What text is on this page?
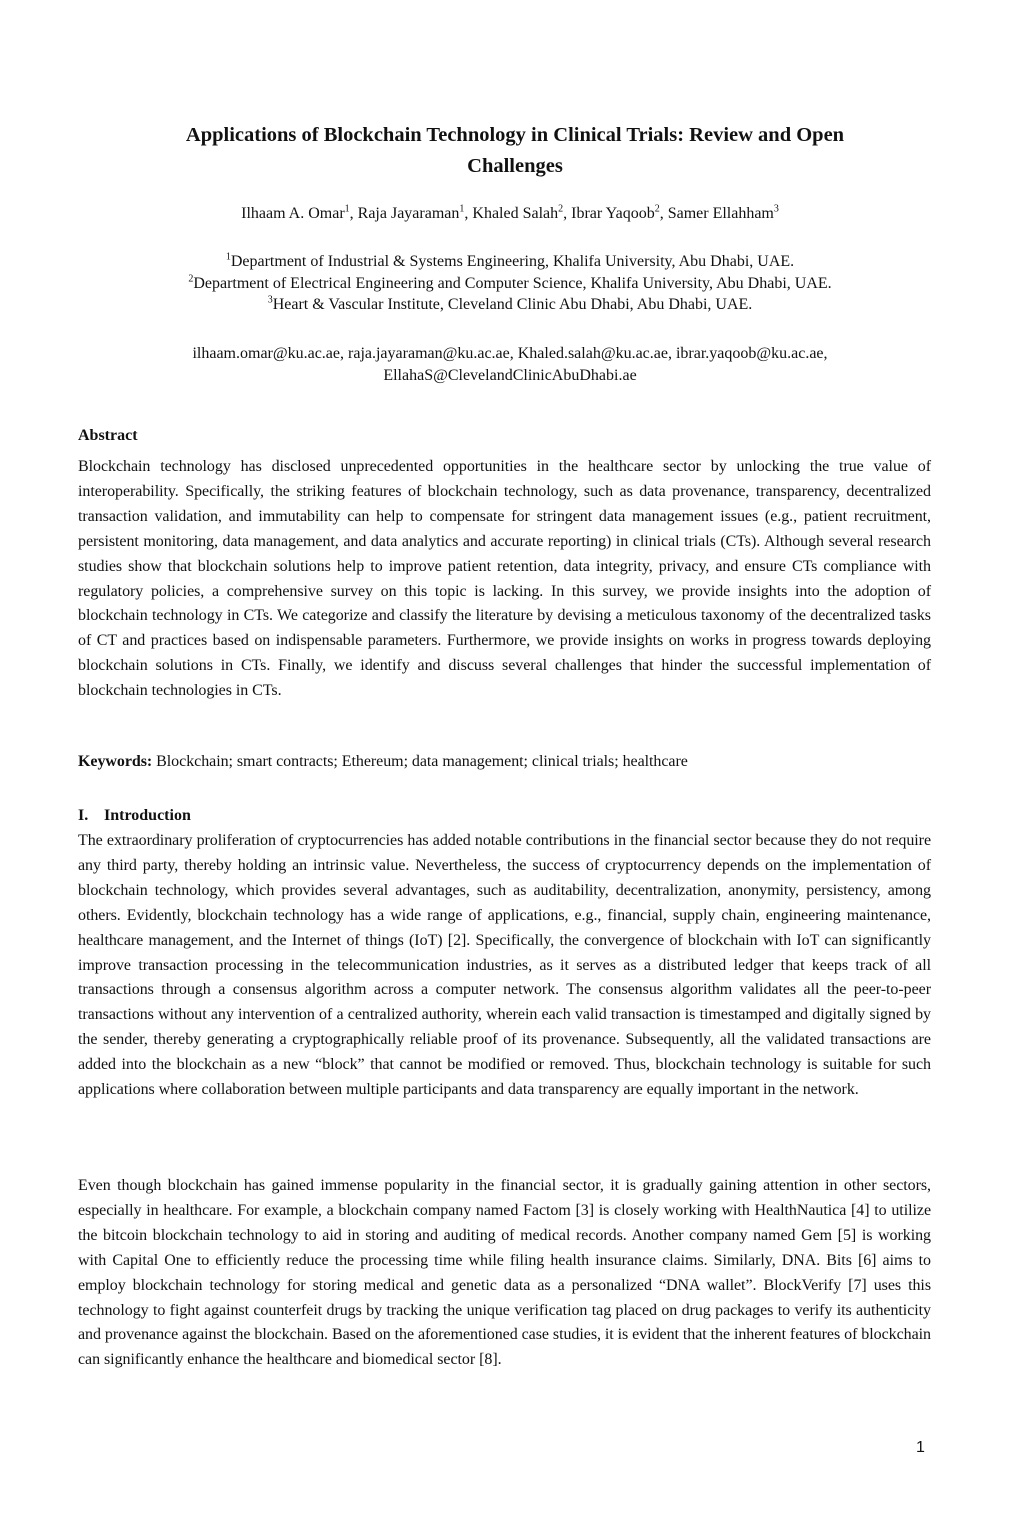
Applications of Blockchain Technology in Clinical Trials: Review and Open Challenges
Ilhaam A. Omar$^1$, Raja Jayaraman$^1$, Khaled Salah$^2$, Ibrar Yaqoob$^2$, Samer Ellahham$^3$
$^1$Department of Industrial & Systems Engineering, Khalifa University, Abu Dhabi, UAE.
$^2$Department of Electrical Engineering and Computer Science, Khalifa University, Abu Dhabi, UAE.
$^3$Heart & Vascular Institute, Cleveland Clinic Abu Dhabi, Abu Dhabi, UAE.
ilhaam.omar@ku.ac.ae, raja.jayaraman@ku.ac.ae, Khaled.salah@ku.ac.ae, ibrar.yaqoob@ku.ac.ae,
EllahaS@ClevelandClinicAbuDhabi.ae
Abstract
Blockchain technology has disclosed unprecedented opportunities in the healthcare sector by unlocking the true value of interoperability. Specifically, the striking features of blockchain technology, such as data provenance, transparency, decentralized transaction validation, and immutability can help to compensate for stringent data management issues (e.g., patient recruitment, persistent monitoring, data management, and data analytics and accurate reporting) in clinical trials (CTs). Although several research studies show that blockchain solutions help to improve patient retention, data integrity, privacy, and ensure CTs compliance with regulatory policies, a comprehensive survey on this topic is lacking. In this survey, we provide insights into the adoption of blockchain technology in CTs. We categorize and classify the literature by devising a meticulous taxonomy of the decentralized tasks of CT and practices based on indispensable parameters. Furthermore, we provide insights on works in progress towards deploying blockchain solutions in CTs. Finally, we identify and discuss several challenges that hinder the successful implementation of blockchain technologies in CTs.
Keywords: Blockchain; smart contracts; Ethereum; data management; clinical trials; healthcare
I. Introduction
The extraordinary proliferation of cryptocurrencies has added notable contributions in the financial sector because they do not require any third party, thereby holding an intrinsic value. Nevertheless, the success of cryptocurrency depends on the implementation of blockchain technology, which provides several advantages, such as auditability, decentralization, anonymity, persistency, among others. Evidently, blockchain technology has a wide range of applications, e.g., financial, supply chain, engineering maintenance, healthcare management, and the Internet of things (IoT) [2]. Specifically, the convergence of blockchain with IoT can significantly improve transaction processing in the telecommunication industries, as it serves as a distributed ledger that keeps track of all transactions through a consensus algorithm across a computer network. The consensus algorithm validates all the peer-to-peer transactions without any intervention of a centralized authority, wherein each valid transaction is timestamped and digitally signed by the sender, thereby generating a cryptographically reliable proof of its provenance. Subsequently, all the validated transactions are added into the blockchain as a new “block” that cannot be modified or removed. Thus, blockchain technology is suitable for such applications where collaboration between multiple participants and data transparency are equally important in the network.
Even though blockchain has gained immense popularity in the financial sector, it is gradually gaining attention in other sectors, especially in healthcare. For example, a blockchain company named Factom [3] is closely working with HealthNautica [4] to utilize the bitcoin blockchain technology to aid in storing and auditing of medical records. Another company named Gem [5] is working with Capital One to efficiently reduce the processing time while filing health insurance claims. Similarly, DNA. Bits [6] aims to employ blockchain technology for storing medical and genetic data as a personalized “DNA wallet”. BlockVerify [7] uses this technology to fight against counterfeit drugs by tracking the unique verification tag placed on drug packages to verify its authenticity and provenance against the blockchain. Based on the aforementioned case studies, it is evident that the inherent features of blockchain can significantly enhance the healthcare and biomedical sector [8].
1
